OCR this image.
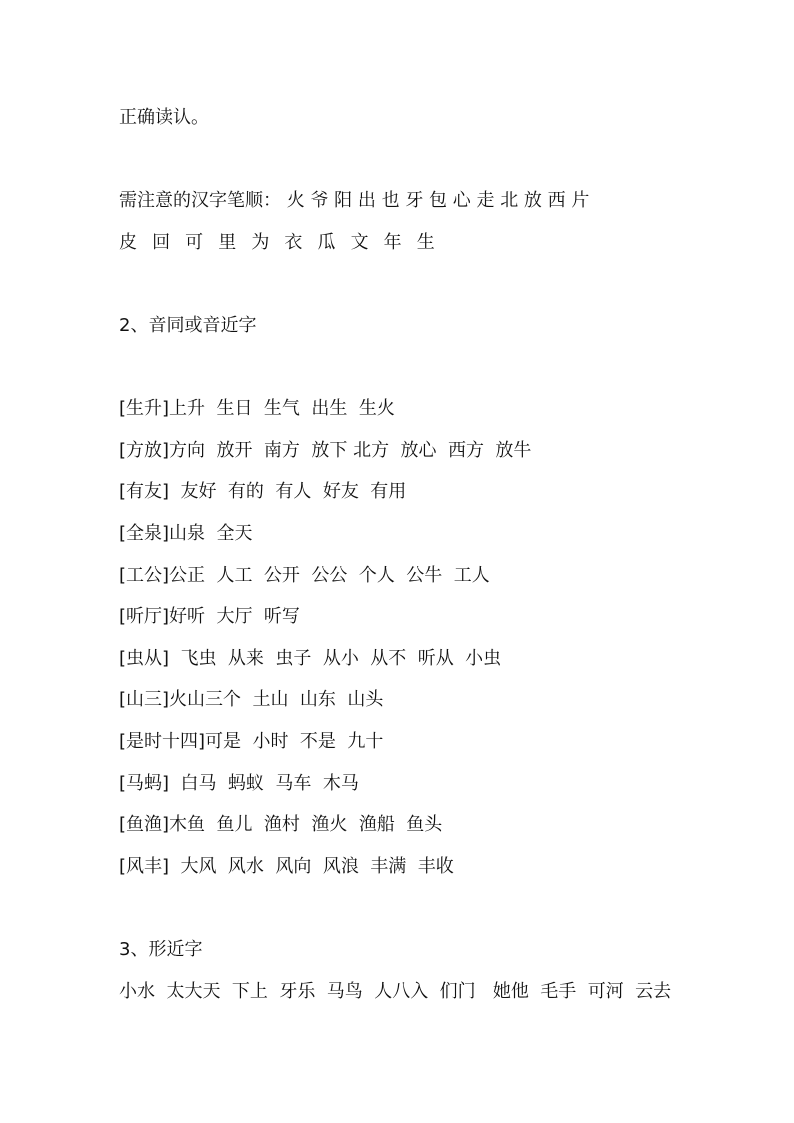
正确读认。
需注意的汉字笔顺： 火 爷 阳 出 也 牙 包 心 走 北 放 西 片
皮 回 可 里 为 衣 瓜 文 年 生
2、音同或音近字
[生升]上升  生日  生气  出生  生火
[方放]方向  放开  南方  放下 北方  放心  西方  放牛
[有友]  友好  有的  有人  好友  有用
[全泉]山泉  全天
[工公]公正  人工  公开  公公  个人  公牛  工人
[听厅]好听  大厅  听写
[虫从]  飞虫  从来  虫子  从小  从不  听从  小虫
[山三]火山三个  土山  山东  山头
[是时十四]可是  小时  不是  九十
[马蚂]  白马  蚂蚁  马车  木马
[鱼渔]木鱼  鱼儿  渔村  渔火  渔船  鱼头
[风丰]  大风  风水  风向  风浪  丰满  丰收
3、形近字
小水  太大天  下上  牙乐  马鸟  人八入  们门   她他  毛手  可河  云去
